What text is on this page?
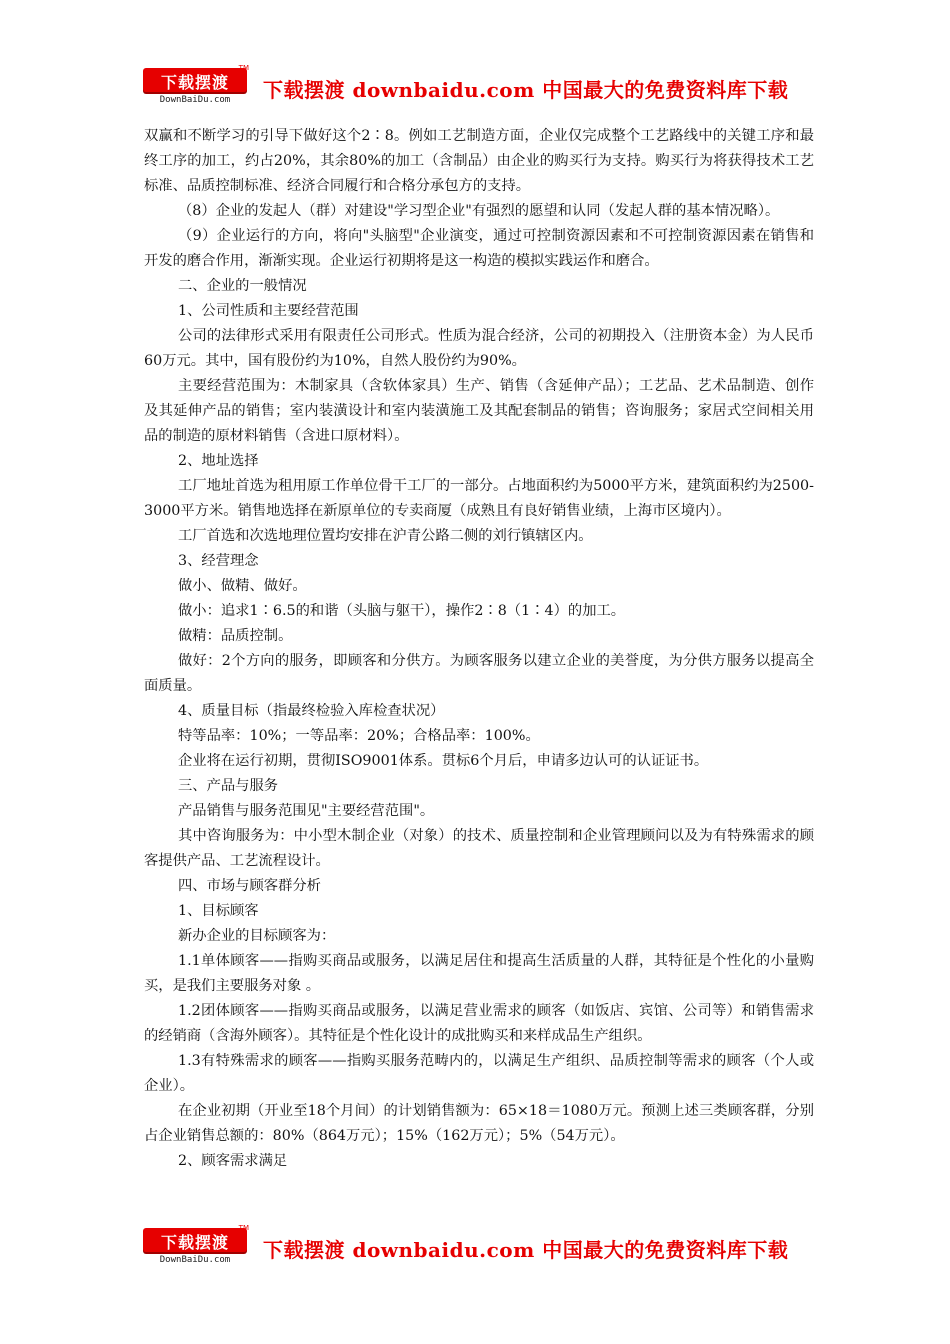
下载摆渡
TM
DownBaiDu.com	下载摆渡 downbaidu.com 中国最大的免费资料库下载

双赢和不断学习的引导下做好这个2∶8。例如工艺制造方面，企业仅完成整个工艺路线中的关键工序和最终工序的加工，约占20%，其余80%的加工（含制品）由企业的购买行为支持。购买行为将获得技术工艺标准、品质控制标准、经济合同履行和合格分承包方的支持。

（8）企业的发起人（群）对建设"学习型企业"有强烈的愿望和认同（发起人群的基本情况略）。

（9）企业运行的方向，将向"头脑型"企业演变，通过可控制资源因素和不可控制资源因素在销售和开发的磨合作用，渐渐实现。企业运行初期将是这一构造的模拟实践运作和磨合。

二、企业的一般情况

1、公司性质和主要经营范围

公司的法律形式采用有限责任公司形式。性质为混合经济，公司的初期投入（注册资本金）为人民币60万元。其中，国有股份约为10%，自然人股份约为90%。

主要经营范围为：木制家具（含软体家具）生产、销售（含延伸产品）；工艺品、艺术品制造、创作及其延伸产品的销售；室内装潢设计和室内装潢施工及其配套制品的销售；咨询服务；家居式空间相关用品的制造的原材料销售（含进口原材料）。

2、地址选择

工厂地址首选为租用原工作单位骨干工厂的一部分。占地面积约为5000平方米，建筑面积约为2500-3000平方米。销售地选择在新原单位的专卖商厦（成熟且有良好销售业绩，上海市区境内）。

工厂首选和次选地理位置均安排在沪青公路二侧的刘行镇辖区内。

3、经营理念

做小、做精、做好。

做小：追求1∶6.5的和谐（头脑与躯干），操作2∶8（1∶4）的加工。

做精：品质控制。

做好：2个方向的服务，即顾客和分供方。为顾客服务以建立企业的美誉度，为分供方服务以提高全面质量。

4、质量目标（指最终检验入库检查状况）

特等品率：10%；一等品率：20%；合格品率：100%。

企业将在运行初期，贯彻ISO9001体系。贯标6个月后，申请多边认可的认证证书。

三、产品与服务

产品销售与服务范围见"主要经营范围"。

其中咨询服务为：中小型木制企业（对象）的技术、质量控制和企业管理顾问以及为有特殊需求的顾客提供产品、工艺流程设计。

四、市场与顾客群分析

1、目标顾客

新办企业的目标顾客为：

1.1单体顾客——指购买商品或服务，以满足居住和提高生活质量的人群，其特征是个性化的小量购买，是我们主要服务对象 。

1.2团体顾客——指购买商品或服务，以满足营业需求的顾客（如饭店、宾馆、公司等）和销售需求的经销商（含海外顾客）。其特征是个性化设计的成批购买和来样成品生产组织。

1.3有特殊需求的顾客——指购买服务范畴内的，以满足生产组织、品质控制等需求的顾客（个人或企业）。

在企业初期（开业至18个月间）的计划销售额为：65×18＝1080万元。预测上述三类顾客群，分别占企业销售总额的：80%（864万元）；15%（162万元）；5%（54万元）。

2、顾客需求满足

下载摆渡
TM
DownBaiDu.com	下载摆渡 downbaidu.com 中国最大的免费资料库下载
